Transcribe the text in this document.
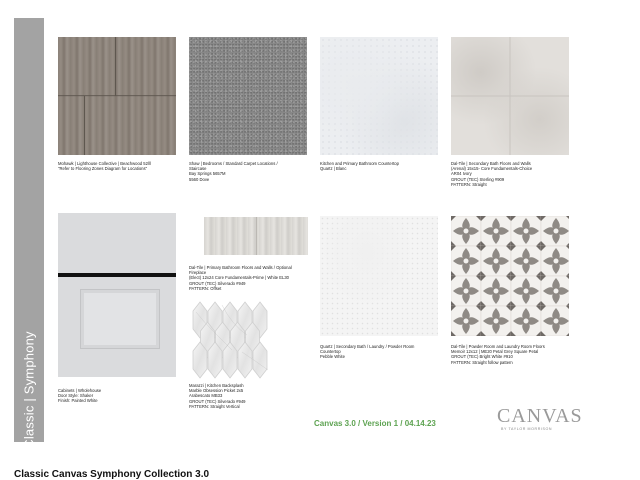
Classic | Symphony
Mohawk | Lighthouse Collective | Beachwood 52lll
"Refer to Flooring Zones Diagram for Locations"
Shaw | Bedrooms / Standard Carpet Locations /
Staircase
Bay Springs 5657M
5560 Dove
Kitchen and Primary Bathroom Countertop
Quartz | Blanc
Dal-Tile | Secondary Bath Floors and Walls
(Arenal) 15x15- Core Fundamentals-Choice
AR04 Ivory
GROUT (TEC) Sterling #909
PATTERN: Straight
Cabinets | Wholehouse
Door Style: Shaker
Finish: Painted White
Dal-Tile | Primary Bathroom Floors and Walls / Optional
Fireplace
(Elect) 12x24 Core Fundamentals-Prime | White EL30
GROUT (TEC) Silverado #949
PATTERN: Offset
Marazzi | Kitchen Backsplash
Marble Obsession Picket 2x5
Arabescato MB33
GROUT (TEC) Silverado #949
PATTERN: Straight Vertical
Quartz | Secondary Bath / Laundry / Powder Room
Countertop
Pebble White
Dal-Tile | Powder Room and Laundry Room Floors
Memoir 12x12 | ME20 Petal Grey Square Petal
GROUT (TEC) Bright White #910
PATTERN: Straight follow pattern
Canvas 3.0 / Version 1 / 04.14.23	CANVAS
BY TAYLOR MORRISON
Classic Canvas Symphony Collection 3.0
